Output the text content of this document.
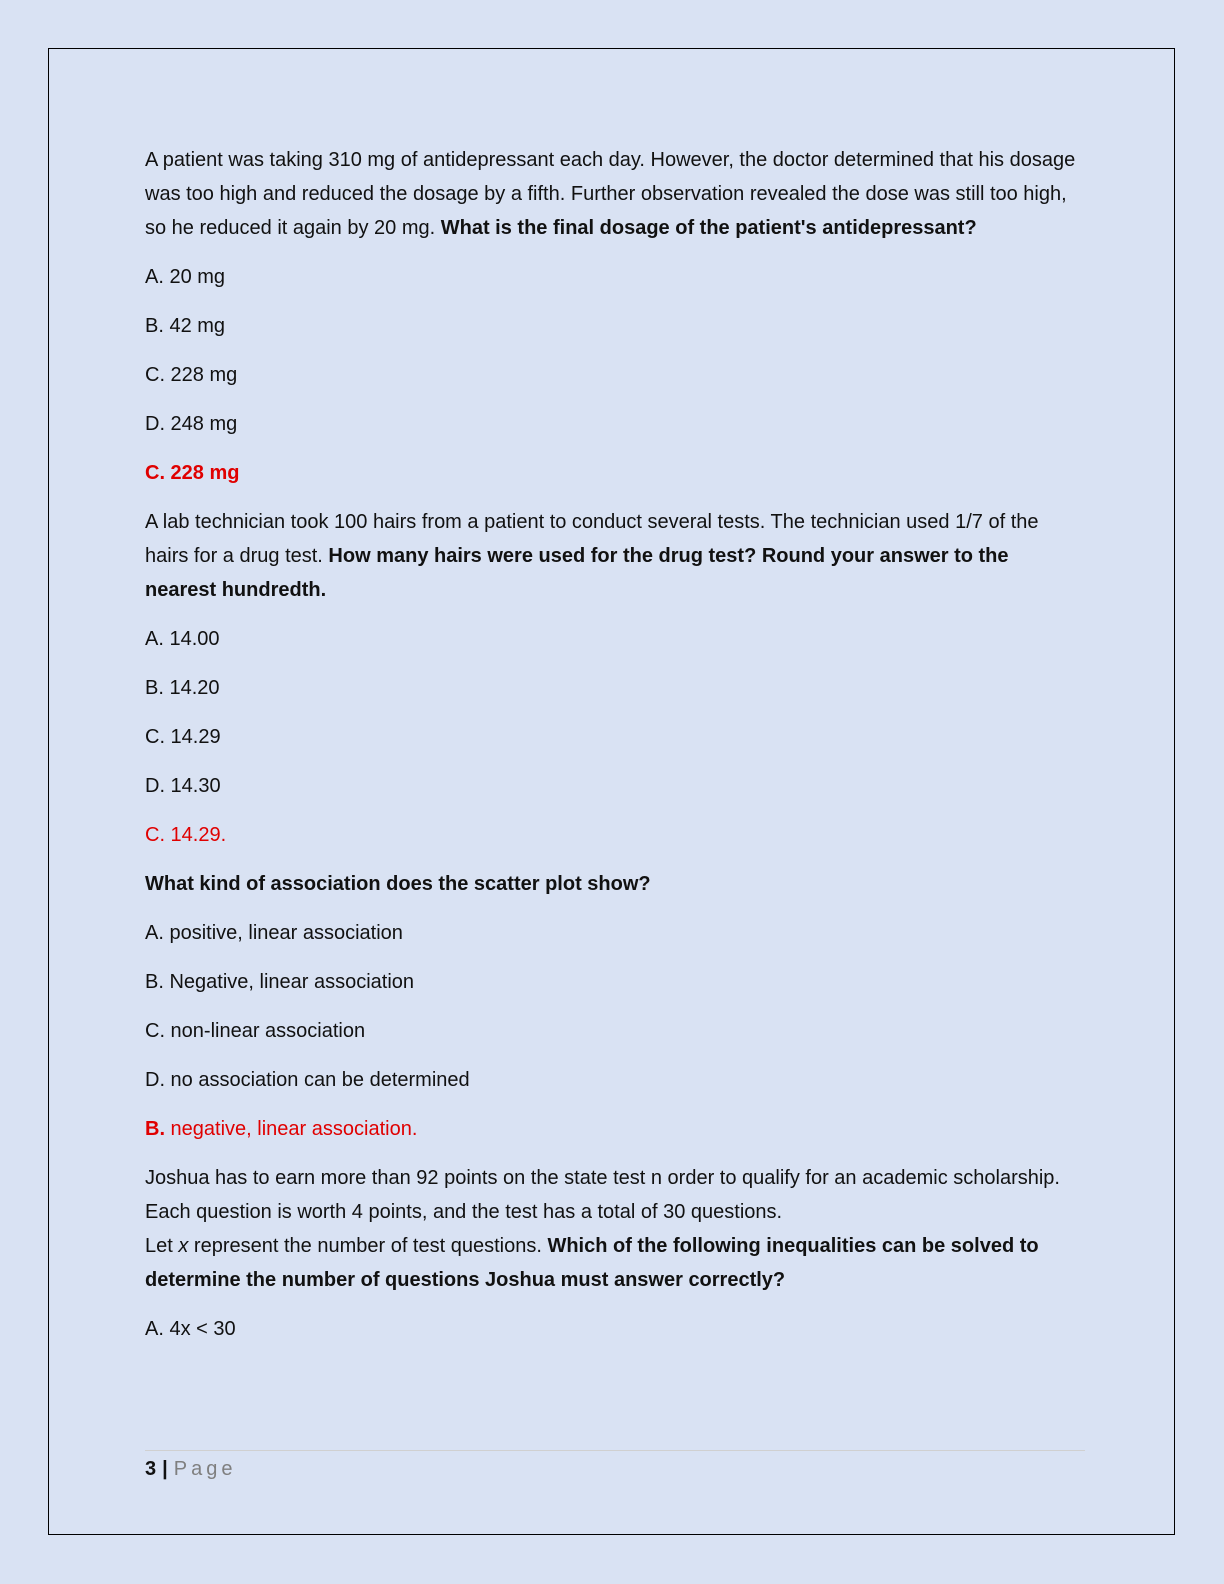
A patient was taking 310 mg of antidepressant each day. However, the doctor determined that his dosage was too high and reduced the dosage by a fifth. Further observation revealed the dose was still too high, so he reduced it again by 20 mg. What is the final dosage of the patient's antidepressant?

A. 20 mg
B. 42 mg
C. 228 mg
D. 248 mg
C. 228 mg

A lab technician took 100 hairs from a patient to conduct several tests. The technician used 1/7 of the hairs for a drug test. How many hairs were used for the drug test? Round your answer to the nearest hundredth.

A. 14.00
B. 14.20
C. 14.29
D. 14.30
C. 14.29.

What kind of association does the scatter plot show?

A. positive, linear association
B. Negative, linear association
C. non-linear association
D. no association can be determined
B. negative, linear association.

Joshua has to earn more than 92 points on the state test n order to qualify for an academic scholarship. Each question is worth 4 points, and the test has a total of 30 questions.
Let x represent the number of test questions. Which of the following inequalities can be solved to determine the number of questions Joshua must answer correctly?

A. 4x < 30
3 | Page
